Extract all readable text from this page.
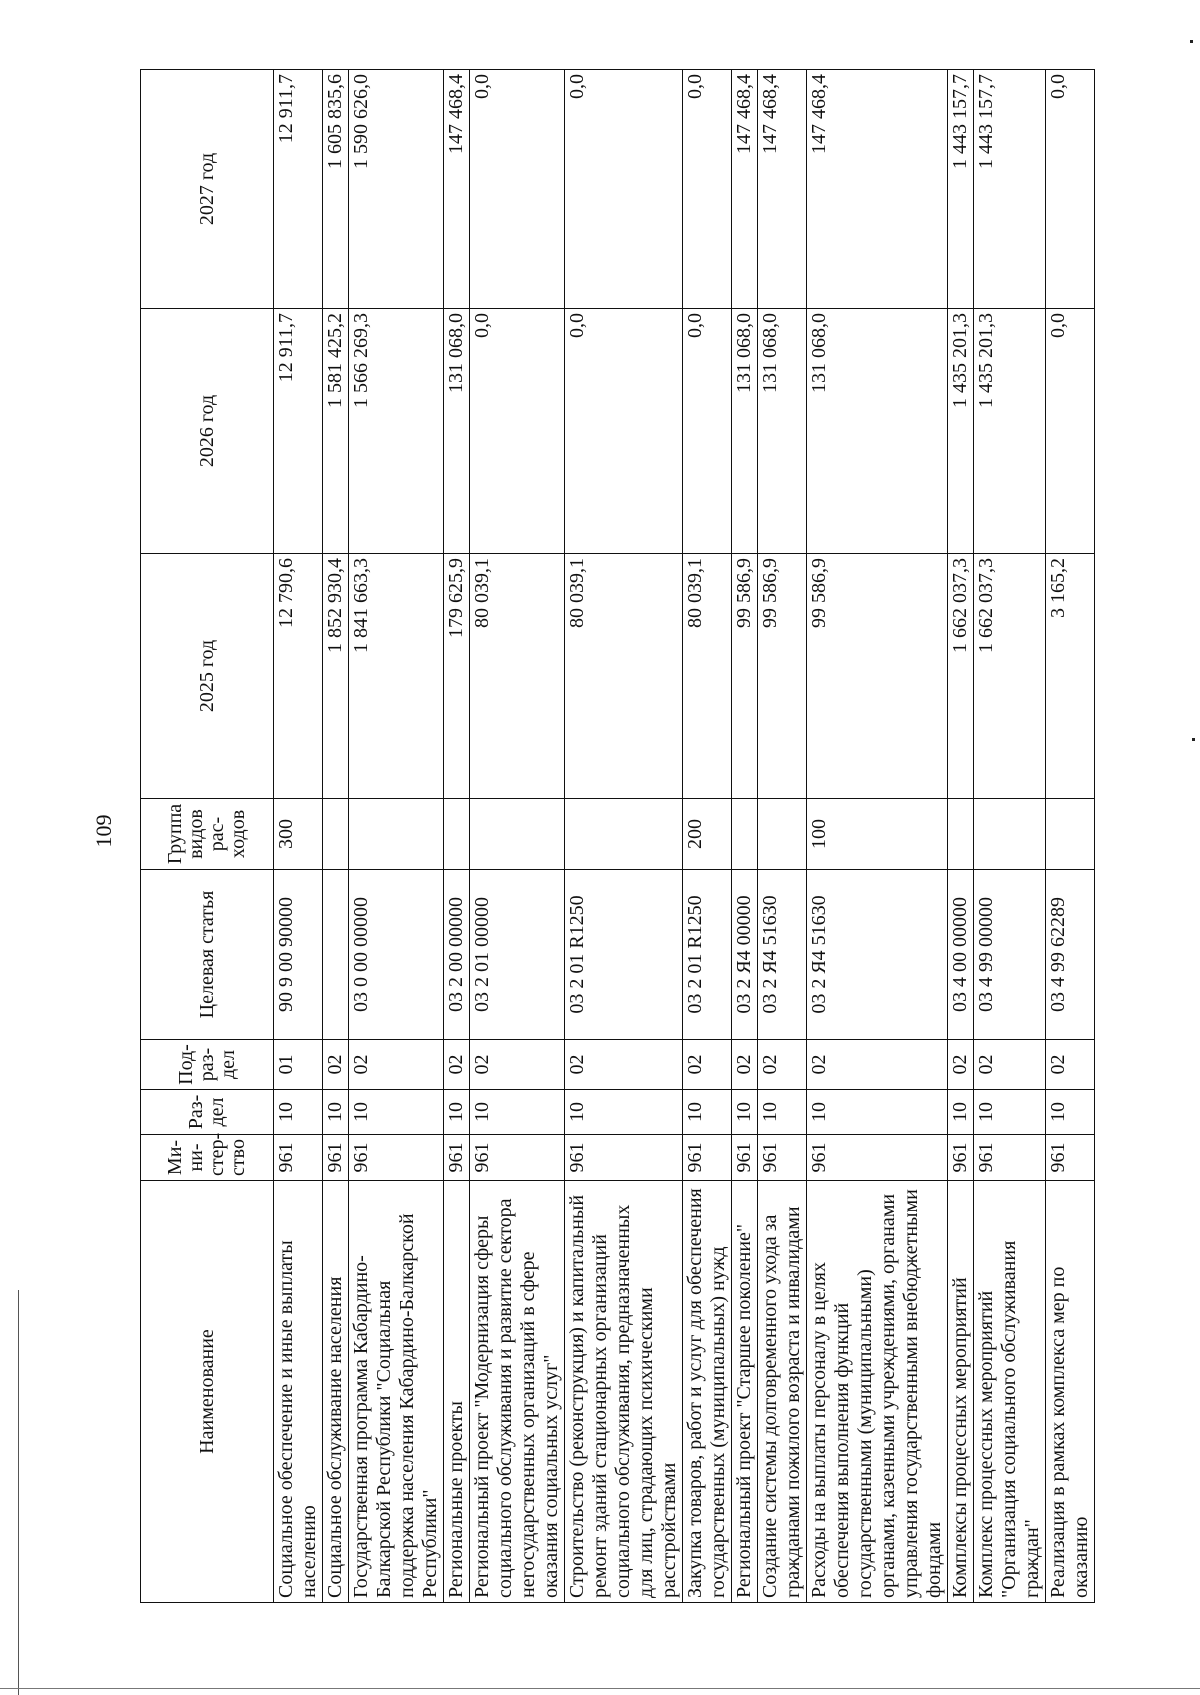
109
Наименование	Ми-ни-стер-ство	Раз-дел	Под-раз-дел	Целевая статья	Группа видов рас-ходов	2025 год	2026 год	2027 год
Социальное обеспечение и иные выплаты населению	961	10	01	90 9 00 90000	300	12 790,6	12 911,7	12 911,7
Социальное обслуживание населения	961	10	02			1 852 930,4	1 581 425,2	1 605 835,6
Государственная программа Кабардино-Балкарской Республики "Социальная поддержка населения Кабардино-Балкарской Республики"	961	10	02	03 0 00 00000		1 841 663,3	1 566 269,3	1 590 626,0
Региональные проекты	961	10	02	03 2 00 00000		179 625,9	131 068,0	147 468,4
Региональный проект "Модернизация сферы социального обслуживания и развитие сектора негосударственных организаций в сфере оказания социальных услуг"	961	10	02	03 2 01 00000		80 039,1	0,0	0,0
Строительство (реконструкция) и капитальный ремонт зданий стационарных организаций социального обслуживания, предназначенных для лиц, страдающих психическими расстройствами	961	10	02	03 2 01 R1250		80 039,1	0,0	0,0
Закупка товаров, работ и услуг для обеспечения государственных (муниципальных) нужд	961	10	02	03 2 01 R1250	200	80 039,1	0,0	0,0
Региональный проект "Старшее поколение"	961	10	02	03 2 Я4 00000		99 586,9	131 068,0	147 468,4
Создание системы долговременного ухода за гражданами пожилого возраста и инвалидами	961	10	02	03 2 Я4 51630		99 586,9	131 068,0	147 468,4
Расходы на выплаты персоналу в целях обеспечения выполнения функций государственными (муниципальными) органами, казенными учреждениями, органами управления государственными внебюджетными фондами	961	10	02	03 2 Я4 51630	100	99 586,9	131 068,0	147 468,4
Комплексы процессных мероприятий	961	10	02	03 4 00 00000		1 662 037,3	1 435 201,3	1 443 157,7
Комплекс процессных мероприятий "Организация социального обслуживания граждан"	961	10	02	03 4 99 00000		1 662 037,3	1 435 201,3	1 443 157,7
Реализация в рамках комплекса мер по оказанию	961	10	02	03 4 99 62289		3 165,2	0,0	0,0
